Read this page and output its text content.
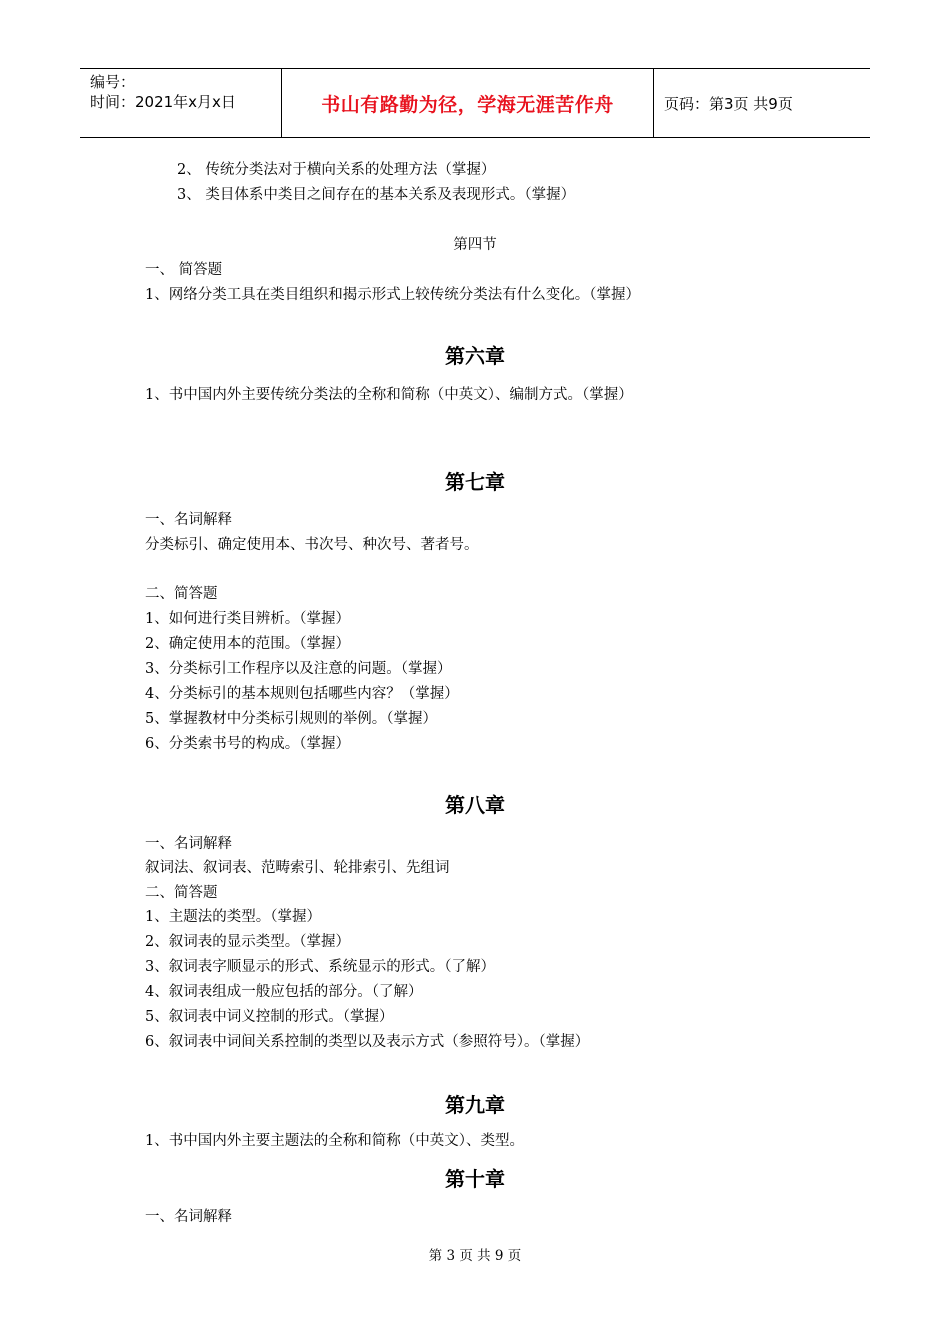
编号：
时间：2021年x月x日	书山有路勤为径，学海无涯苦作舟	页码：第3页 共9页
2、 传统分类法对于横向关系的处理方法（掌握）
3、 类目体系中类目之间存在的基本关系及表现形式。（掌握）
第四节
一、 简答题
1、网络分类工具在类目组织和揭示形式上较传统分类法有什么变化。（掌握）
第六章
1、书中国内外主要传统分类法的全称和简称（中英文）、编制方式。（掌握）
第七章
一、名词解释
分类标引、确定使用本、书次号、种次号、著者号。
二、简答题
1、如何进行类目辨析。（掌握）
2、确定使用本的范围。（掌握）
3、分类标引工作程序以及注意的问题。（掌握）
4、分类标引的基本规则包括哪些内容？（掌握）
5、掌握教材中分类标引规则的举例。（掌握）
6、分类索书号的构成。（掌握）
第八章
一、名词解释
叙词法、叙词表、范畴索引、轮排索引、先组词
二、简答题
1、主题法的类型。（掌握）
2、叙词表的显示类型。（掌握）
3、叙词表字顺显示的形式、系统显示的形式。（了解）
4、叙词表组成一般应包括的部分。（了解）
5、叙词表中词义控制的形式。（掌握）
6、叙词表中词间关系控制的类型以及表示方式（参照符号）。（掌握）
第九章
1、书中国内外主要主题法的全称和简称（中英文）、类型。
第十章
一、名词解释
第 3 页 共 9 页
